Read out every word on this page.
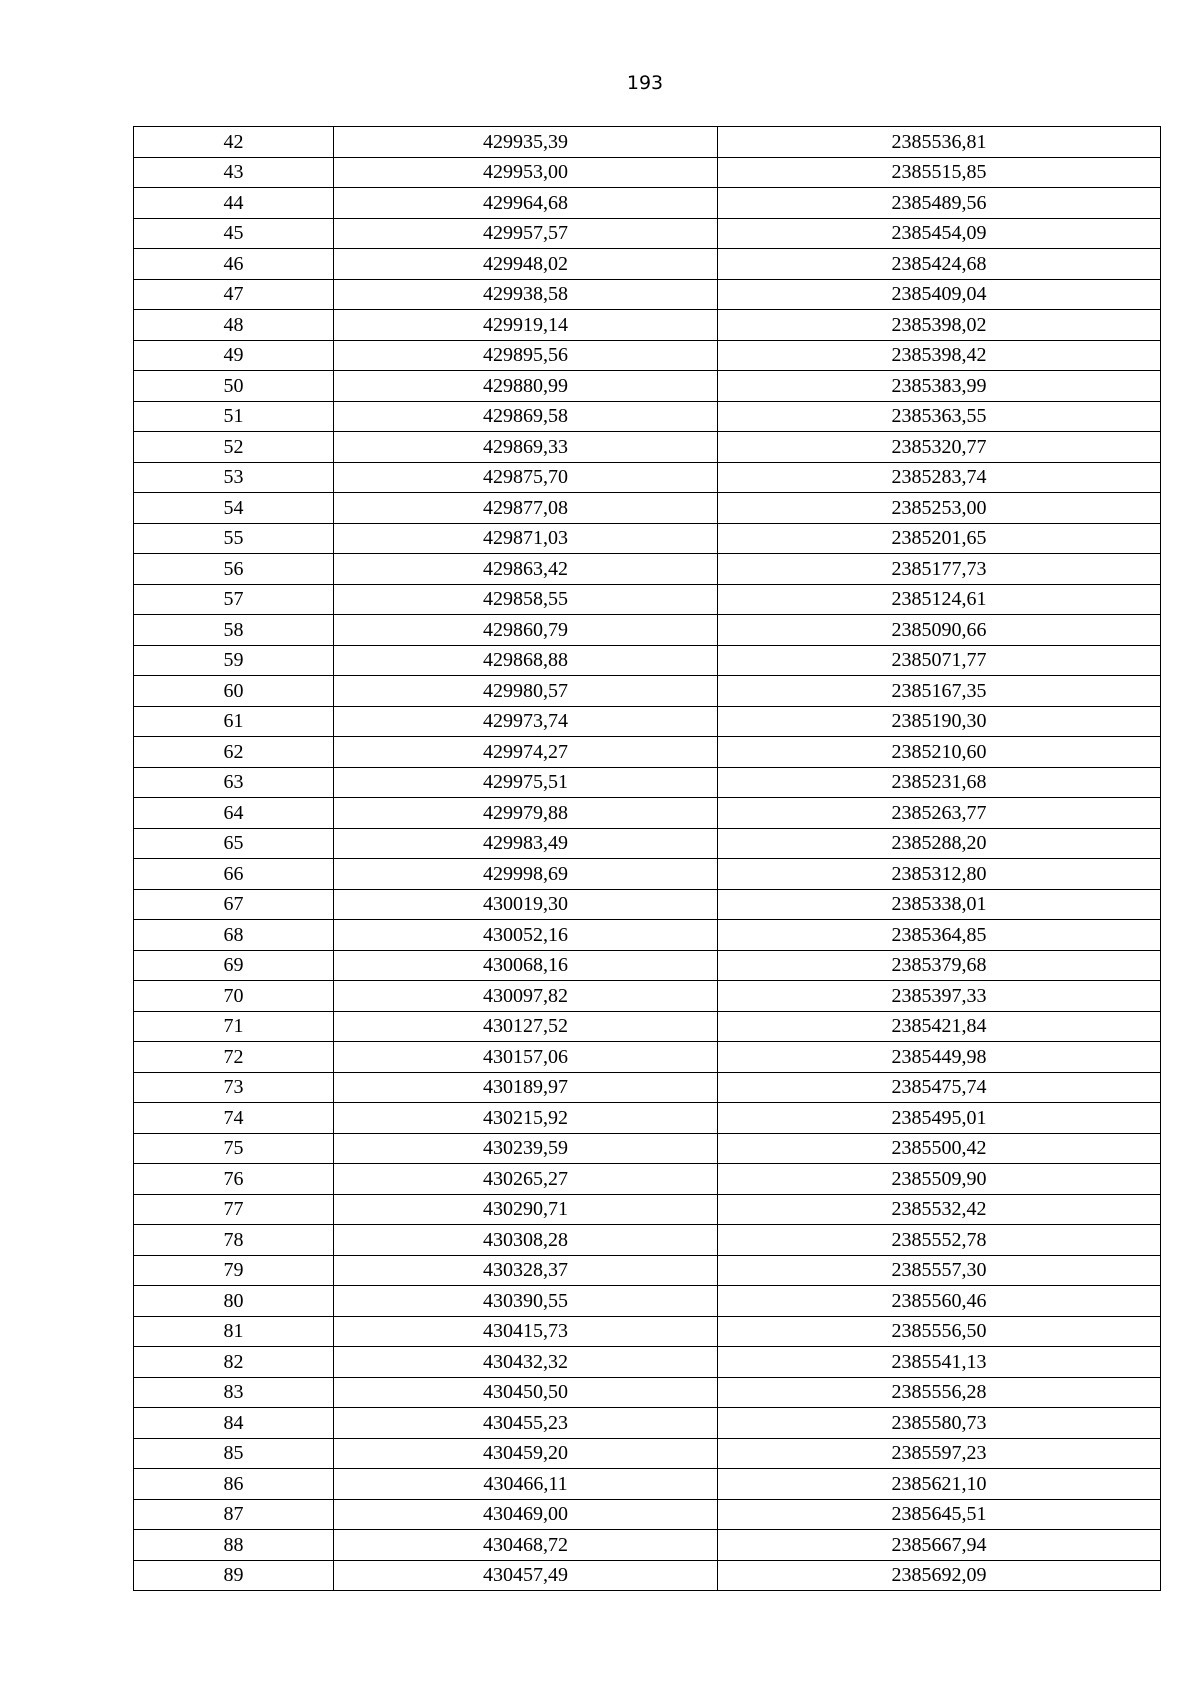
193
42	429935,39	2385536,81
43	429953,00	2385515,85
44	429964,68	2385489,56
45	429957,57	2385454,09
46	429948,02	2385424,68
47	429938,58	2385409,04
48	429919,14	2385398,02
49	429895,56	2385398,42
50	429880,99	2385383,99
51	429869,58	2385363,55
52	429869,33	2385320,77
53	429875,70	2385283,74
54	429877,08	2385253,00
55	429871,03	2385201,65
56	429863,42	2385177,73
57	429858,55	2385124,61
58	429860,79	2385090,66
59	429868,88	2385071,77
60	429980,57	2385167,35
61	429973,74	2385190,30
62	429974,27	2385210,60
63	429975,51	2385231,68
64	429979,88	2385263,77
65	429983,49	2385288,20
66	429998,69	2385312,80
67	430019,30	2385338,01
68	430052,16	2385364,85
69	430068,16	2385379,68
70	430097,82	2385397,33
71	430127,52	2385421,84
72	430157,06	2385449,98
73	430189,97	2385475,74
74	430215,92	2385495,01
75	430239,59	2385500,42
76	430265,27	2385509,90
77	430290,71	2385532,42
78	430308,28	2385552,78
79	430328,37	2385557,30
80	430390,55	2385560,46
81	430415,73	2385556,50
82	430432,32	2385541,13
83	430450,50	2385556,28
84	430455,23	2385580,73
85	430459,20	2385597,23
86	430466,11	2385621,10
87	430469,00	2385645,51
88	430468,72	2385667,94
89	430457,49	2385692,09
